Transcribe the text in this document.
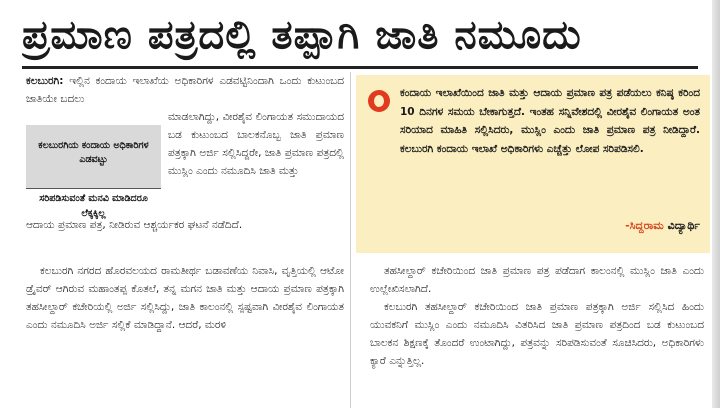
ಪ್ರಮಾಣ ಪತ್ರದಲ್ಲಿ ತಪ್ಪಾಗಿ ಜಾತಿ ನಮೂದು

ಕಲಬುರಗಿ: ಇಲ್ಲಿನ ಕಂದಾಯ ಇಲಾಖೆಯ ಅಧಿಕಾರಿಗಳ ಎಡವಟ್ಟಿನಿಂದಾಗಿ ಒಂದು ಕುಟುಂಬದ ಜಾತಿಯೇ ಬದಲು

ಕಲಬುರಗಿಯ ಕಂದಾಯ ಅಧಿಕಾರಿಗಳ ಎಡವಟ್ಟು
ಸರಿಪಡಿಸುವಂತೆ ಮನವಿ ಮಾಡಿದರೂ ಲೆಕ್ಕಕ್ಕಿಲ್ಲ

ಮಾಡಲಾಗಿದ್ದು, ವೀರಶೈವ ಲಿಂಗಾಯತ ಸಮುದಾಯದ ಬಡ ಕುಟುಂಬದ ಬಾಲಕನೊಬ್ಬ ಜಾತಿ ಪ್ರಮಾಣ ಪತ್ರಕ್ಕಾಗಿ ಅರ್ಜಿ ಸಲ್ಲಿಸಿದ್ದರೇ, ಜಾತಿ ಪ್ರಮಾಣ ಪತ್ರದಲ್ಲಿ ಮುಸ್ಲಿಂ ಎಂದು ನಮೂದಿಸಿ ಜಾತಿ ಮತ್ತು

ಆದಾಯ ಪ್ರಮಾಣ ಪತ್ರ, ನೀಡಿರುವ ಆಶ್ಚರ್ಯಕರ ಘಟನೆ ನಡೆದಿದೆ.

ಕಲಬುರಗಿ ನಗರದ ಹೊರವಲಯದ ರಾಮತೀರ್ಥ ಬಡಾವಣೆಯ ನಿವಾಸಿ, ವೃತ್ತಿಯಲ್ಲಿ ಆಟೋ ಡ್ರೈವರ್ ಆಗಿರುವ ಮಹಾಂತಪ್ಪ ಕೊತಲೆ, ತನ್ನ ಮಗನ ಜಾತಿ ಮತ್ತು ಆದಾಯ ಪ್ರಮಾಣ ಪತ್ರಕ್ಕಾಗಿ ತಹಸೀಲ್ದಾರ್ ಕಚೇರಿಯಲ್ಲಿ ಅರ್ಜಿ ಸಲ್ಲಿಸಿದ್ದು, ಜಾತಿ ಕಾಲಂನಲ್ಲಿ ಸ್ಪಷ್ಟವಾಗಿ ವೀರಶೈವ ಲಿಂಗಾಯತ ಎಂದು ನಮೂದಿಸಿ ಅರ್ಜಿ ಸಲ್ಲಿಕೆ ಮಾಡಿದ್ದಾನೆ. ಆದರೆ, ಮರಳಿ

ಕಂದಾಯ ಇಲಾಖೆಯಿಂದ ಜಾತಿ ಮತ್ತು ಆದಾಯ ಪ್ರಮಾಣ ಪತ್ರ ಪಡೆಯಲು ಕನಿಷ್ಠ ಕರಿಂದ 10 ದಿನಗಳ ಸಮಯ ಬೇಕಾಗುತ್ತದೆ. ಇಂತಹ ಸನ್ನಿವೇಶದಲ್ಲಿ ವೀರಶೈವ ಲಿಂಗಾಯತ ಅಂತ ಸರಿಯಾದ ಮಾಹಿತಿ ಸಲ್ಲಿಸಿದರು, ಮುಸ್ಲಿಂ ಎಂದು ಜಾತಿ ಪ್ರಮಾಣ ಪತ್ರ ನೀಡಿದ್ದಾರೆ. ಕಲಬುರಗಿ ಕಂದಾಯ ಇಲಾಖೆ ಅಧಿಕಾರಿಗಳು ಎಚ್ಚೆತ್ತು ಲೋಪ ಸರಿಪಡಿಸಲಿ.
-ಸಿದ್ದರಾಮ ವಿದ್ಯಾರ್ಥಿ

ತಹಸೀಲ್ದಾರ್ ಕಚೇರಿಯಿಂದ ಜಾತಿ ಪ್ರಮಾಣ ಪತ್ರ ಪಡೆದಾಗ ಕಾಲಂನಲ್ಲಿ ಮುಸ್ಲಿಂ ಜಾತಿ ಎಂದು ಉಲ್ಲೇಖಿಸಲಾಗಿದೆ.

ಕಲಬುರಗಿ ತಹಸೀಲ್ದಾರ್ ಕಚೇರಿಯಿಂದ ಜಾತಿ ಪ್ರಮಾಣ ಪತ್ರಕ್ಕಾಗಿ ಅರ್ಜಿ ಸಲ್ಲಿಸಿದ ಹಿಂದು ಯುವಕನಿಗೆ ಮುಸ್ಲಿಂ ಎಂದು ನಮೂದಿಸಿ ವಿತರಿಸಿದ ಜಾತಿ ಪ್ರಮಾಣ ಪತ್ರದಿಂದ ಬಡ ಕುಟುಂಬದ ಬಾಲಕನ ಶಿಕ್ಷಣಕ್ಕೆ ತೊಂದರೆ ಉಂಟಾಗಿದ್ದು, ಪತ್ರವನ್ನು ಸರಿಪಡಿಸುವಂತೆ ಸೂಚಿಸಿದರು, ಅಧಿಕಾರಿಗಳು ಕ್ಯಾರೆ ಎನ್ನುತ್ತಿಲ್ಲ.
